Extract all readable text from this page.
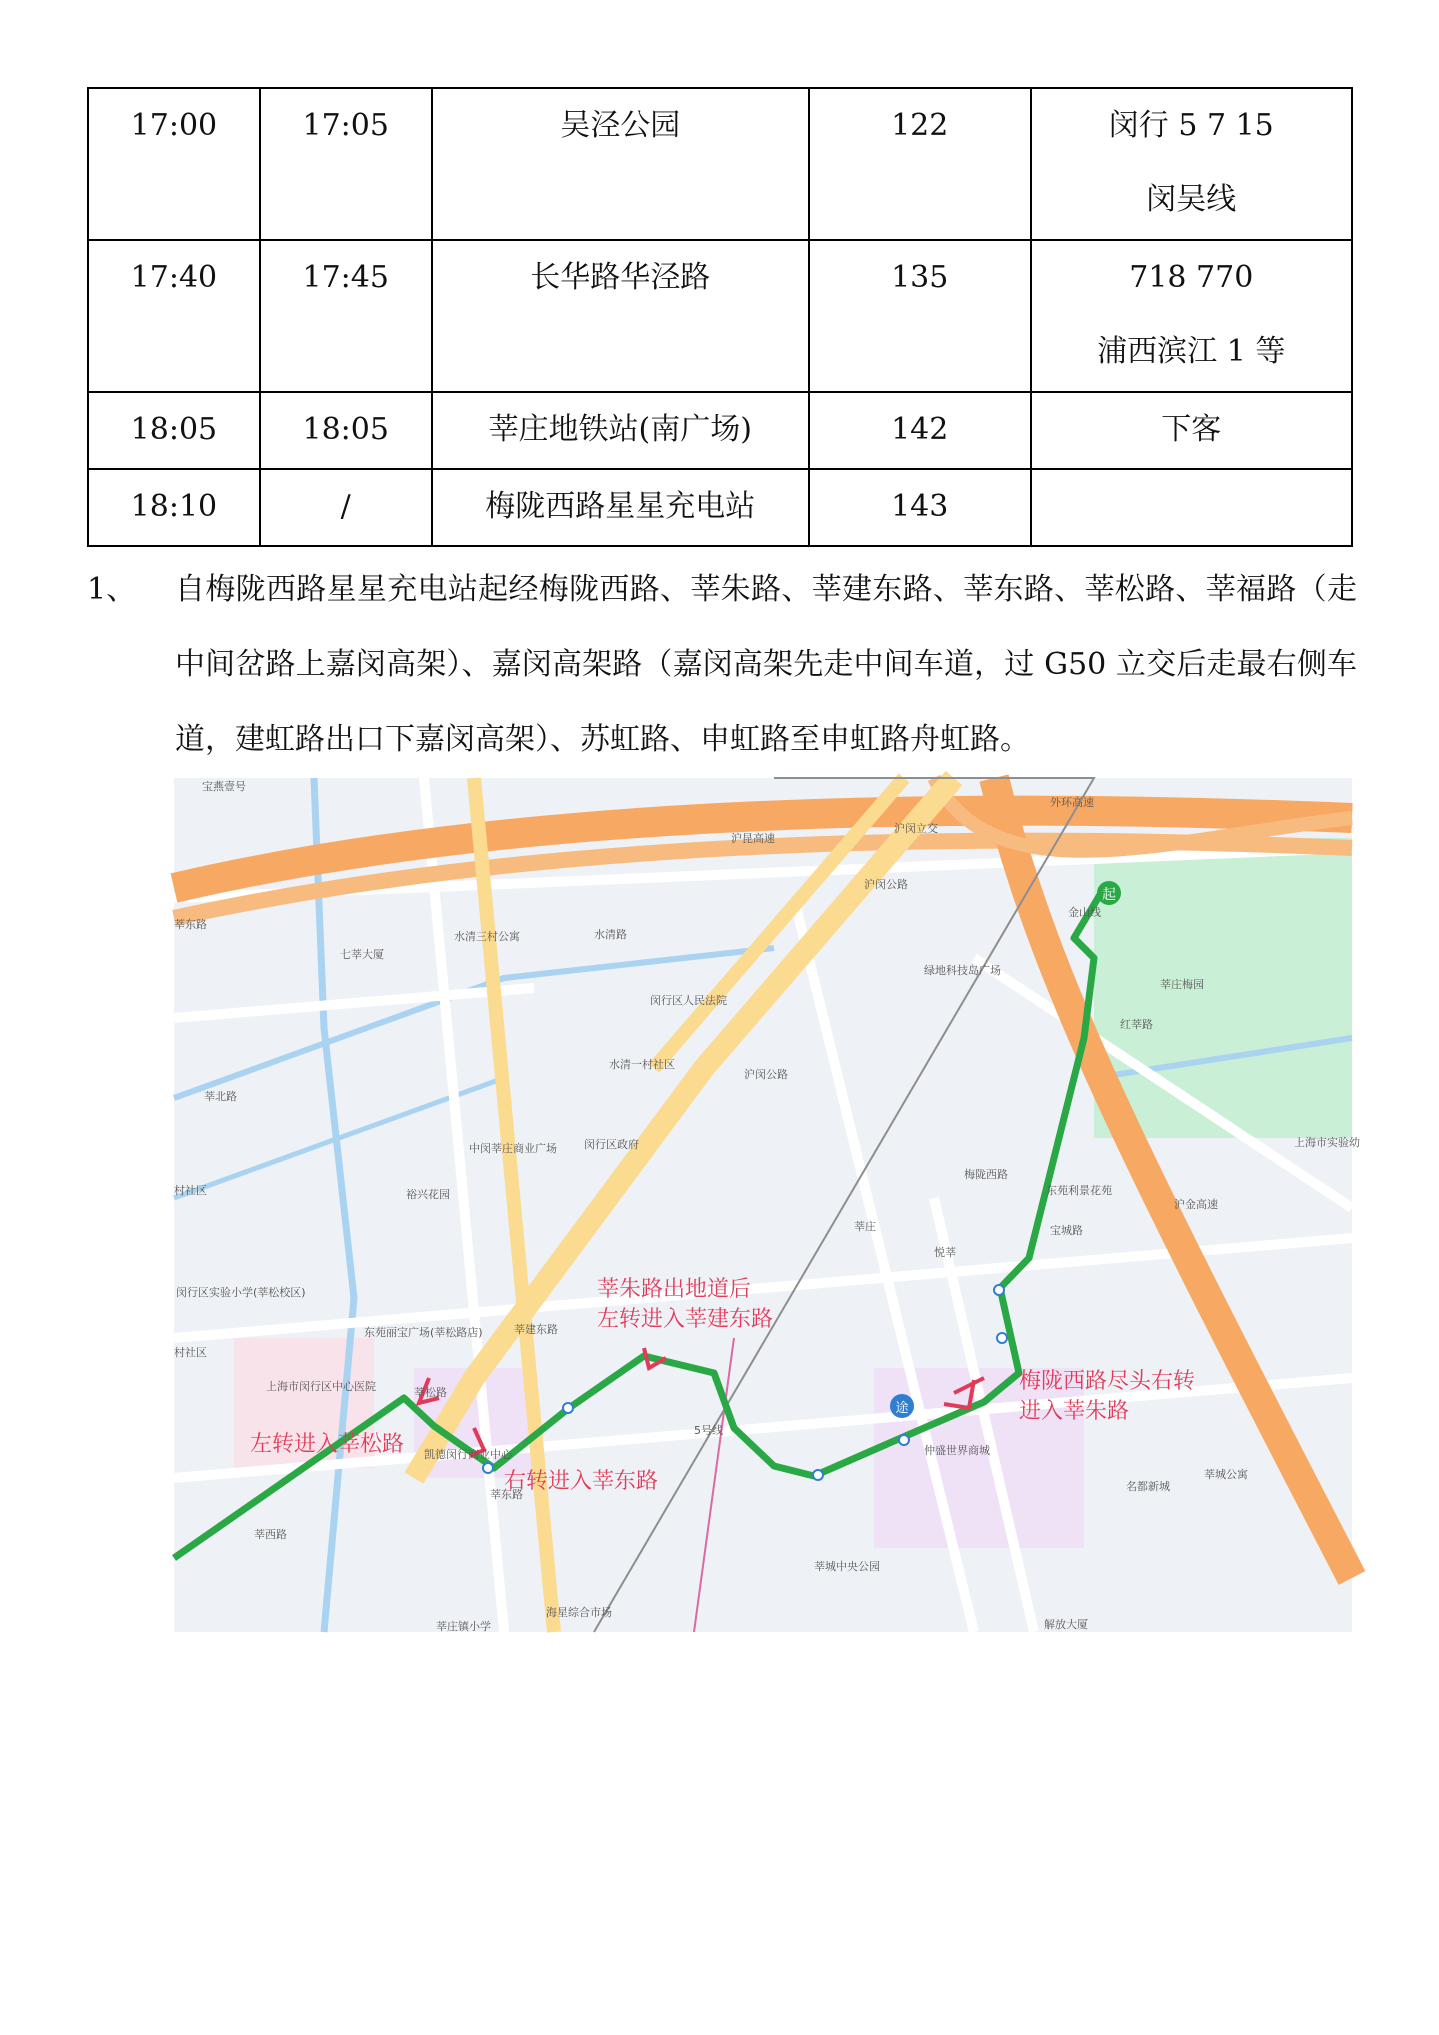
17:00	17:05	吴泾公园	122	闵行 5 7 15
闵吴线

17:40	17:45	长华路华泾路	135	718 770
浦西滨江 1 等

18:05	18:05	莘庄地铁站(南广场)	142	下客

18:10	/	梅陇西路星星充电站	143	
1、 自梅陇西路星星充电站起经梅陇西路、莘朱路、莘建东路、莘东路、莘松路、莘福路（走中间岔路上嘉闵高架）、嘉闵高架路（嘉闵高架先走中间车道，过 G50 立交后走最右侧车道，建虹路出口下嘉闵高架）、苏虹路、申虹路至申虹路舟虹路。
起
途
莘朱路出地道后
左转进入莘建东路
梅陇西路尽头右转
进入莘朱路
左转进入莘松路
右转进入莘东路
沪昆高速
沪闵立交
外环高速
沪闵公路
沪闵公路
水清路
水清三村公寓
水清一村社区
七莘大厦
闵行区人民法院
闵行区政府
绿地科技岛广场
莘庄梅园
红莘路
梅陇西路
东苑利景花苑
宝城路
沪金高速
莘庄
裕兴花园
中闵莘庄商业广场
莘北路
莘东路
莘建东路
闵行区实验小学(莘松校区)
东苑丽宝广场(莘松路店)
上海市闵行区中心医院
凯德闵行商业中心
莘东路
莘西路
仲盛世界商城
莘城中央公园
名都新城
莘城公寓
海星综合市场
解放大厦
莘庄镇小学
宝燕壹号
5号线
上海市实验幼
村社区
村社区
莘松路
悦莘
金山线
